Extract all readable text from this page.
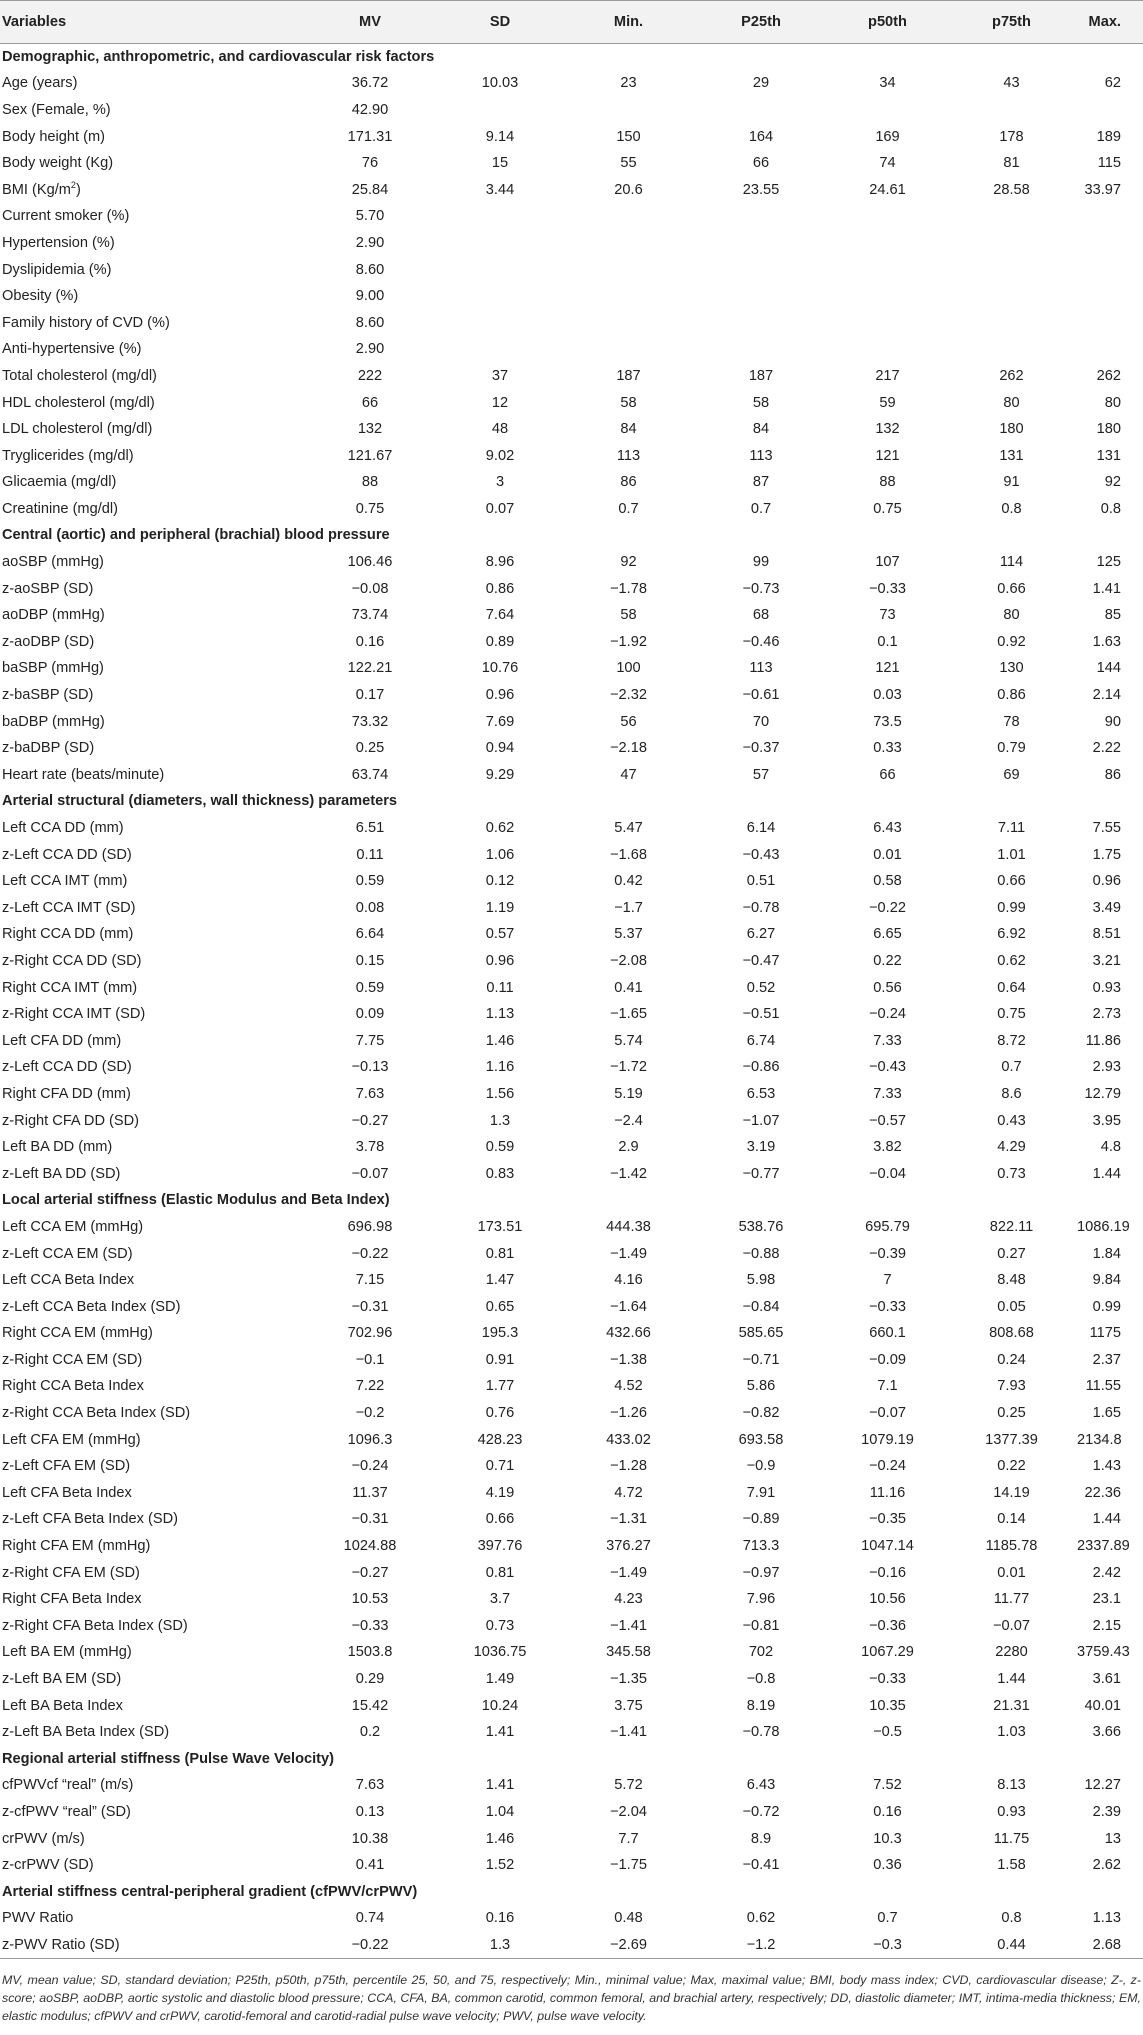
Variables	MV	SD	Min.	P25th	p50th	p75th	Max.
Demographic, anthropometric, and cardiovascular risk factors							
Age (years)	36.72	10.03	23	29	34	43	62
Sex (Female, %)	42.90						
Body height (m)	171.31	9.14	150	164	169	178	189
Body weight (Kg)	76	15	55	66	74	81	115
BMI $(Kg/m^2)$	25.84	3.44	20.6	23.55	24.61	28.58	33.97
Current smoker (%)	5.70						
Hypertension (%)	2.90						
Dyslipidemia (%)	8.60						
Obesity (%)	9.00						
Family history of CVD (%)	8.60						
Anti-hypertensive (%)	2.90						
Total cholesterol (mg/dl)	222	37	187	187	217	262	262
HDL cholesterol (mg/dl)	66	12	58	58	59	80	80
LDL cholesterol (mg/dl)	132	48	84	84	132	180	180
Tryglicerides (mg/dl)	121.67	9.02	113	113	121	131	131
Glicaemia (mg/dl)	88	3	86	87	88	91	92
Creatinine (mg/dl)	0.75	0.07	0.7	0.7	0.75	0.8	0.8
Central (aortic) and peripheral (brachial) blood pressure							
aoSBP (mmHg)	106.46	8.96	92	99	107	114	125
z-aoSBP (SD)	−0.08	0.86	−1.78	−0.73	−0.33	0.66	1.41
aoDBP (mmHg)	73.74	7.64	58	68	73	80	85
z-aoDBP (SD)	0.16	0.89	−1.92	−0.46	0.1	0.92	1.63
baSBP (mmHg)	122.21	10.76	100	113	121	130	144
z-baSBP (SD)	0.17	0.96	−2.32	−0.61	0.03	0.86	2.14
baDBP (mmHg)	73.32	7.69	56	70	73.5	78	90
z-baDBP (SD)	0.25	0.94	−2.18	−0.37	0.33	0.79	2.22
Heart rate (beats/minute)	63.74	9.29	47	57	66	69	86
Arterial structural (diameters, wall thickness) parameters							
Left CCA DD (mm)	6.51	0.62	5.47	6.14	6.43	7.11	7.55
z-Left CCA DD (SD)	0.11	1.06	−1.68	−0.43	0.01	1.01	1.75
Left CCA IMT (mm)	0.59	0.12	0.42	0.51	0.58	0.66	0.96
z-Left CCA IMT (SD)	0.08	1.19	−1.7	−0.78	−0.22	0.99	3.49
Right CCA DD (mm)	6.64	0.57	5.37	6.27	6.65	6.92	8.51
z-Right CCA DD (SD)	0.15	0.96	−2.08	−0.47	0.22	0.62	3.21
Right CCA IMT (mm)	0.59	0.11	0.41	0.52	0.56	0.64	0.93
z-Right CCA IMT (SD)	0.09	1.13	−1.65	−0.51	−0.24	0.75	2.73
Left CFA DD (mm)	7.75	1.46	5.74	6.74	7.33	8.72	11.86
z-Left CCA DD (SD)	−0.13	1.16	−1.72	−0.86	−0.43	0.7	2.93
Right CFA DD (mm)	7.63	1.56	5.19	6.53	7.33	8.6	12.79
z-Right CFA DD (SD)	−0.27	1.3	−2.4	−1.07	−0.57	0.43	3.95
Left BA DD (mm)	3.78	0.59	2.9	3.19	3.82	4.29	4.8
z-Left BA DD (SD)	−0.07	0.83	−1.42	−0.77	−0.04	0.73	1.44
Local arterial stiffness (Elastic Modulus and Beta Index)							
Left CCA EM (mmHg)	696.98	173.51	444.38	538.76	695.79	822.11	1086.19
z-Left CCA EM (SD)	−0.22	0.81	−1.49	−0.88	−0.39	0.27	1.84
Left CCA Beta Index	7.15	1.47	4.16	5.98	7	8.48	9.84
z-Left CCA Beta Index (SD)	−0.31	0.65	−1.64	−0.84	−0.33	0.05	0.99
Right CCA EM (mmHg)	702.96	195.3	432.66	585.65	660.1	808.68	1175
z-Right CCA EM (SD)	−0.1	0.91	−1.38	−0.71	−0.09	0.24	2.37
Right CCA Beta Index	7.22	1.77	4.52	5.86	7.1	7.93	11.55
z-Right CCA Beta Index (SD)	−0.2	0.76	−1.26	−0.82	−0.07	0.25	1.65
Left CFA EM (mmHg)	1096.3	428.23	433.02	693.58	1079.19	1377.39	2134.8
z-Left CFA EM (SD)	−0.24	0.71	−1.28	−0.9	−0.24	0.22	1.43
Left CFA Beta Index	11.37	4.19	4.72	7.91	11.16	14.19	22.36
z-Left CFA Beta Index (SD)	−0.31	0.66	−1.31	−0.89	−0.35	0.14	1.44
Right CFA EM (mmHg)	1024.88	397.76	376.27	713.3	1047.14	1185.78	2337.89
z-Right CFA EM (SD)	−0.27	0.81	−1.49	−0.97	−0.16	0.01	2.42
Right CFA Beta Index	10.53	3.7	4.23	7.96	10.56	11.77	23.1
z-Right CFA Beta Index (SD)	−0.33	0.73	−1.41	−0.81	−0.36	−0.07	2.15
Left BA EM (mmHg)	1503.8	1036.75	345.58	702	1067.29	2280	3759.43
z-Left BA EM (SD)	0.29	1.49	−1.35	−0.8	−0.33	1.44	3.61
Left BA Beta Index	15.42	10.24	3.75	8.19	10.35	21.31	40.01
z-Left BA Beta Index (SD)	0.2	1.41	−1.41	−0.78	−0.5	1.03	3.66
Regional arterial stiffness (Pulse Wave Velocity)							
cfPWVcf “real” (m/s)	7.63	1.41	5.72	6.43	7.52	8.13	12.27
z-cfPWV “real” (SD)	0.13	1.04	−2.04	−0.72	0.16	0.93	2.39
crPWV (m/s)	10.38	1.46	7.7	8.9	10.3	11.75	13
z-crPWV (SD)	0.41	1.52	−1.75	−0.41	0.36	1.58	2.62
Arterial stiffness central-peripheral gradient (cfPWV/crPWV)							
PWV Ratio	0.74	0.16	0.48	0.62	0.7	0.8	1.13
z-PWV Ratio (SD)	−0.22	1.3	−2.69	−1.2	−0.3	0.44	2.68
MV, mean value; SD, standard deviation; P25th, p50th, p75th, percentile 25, 50, and 75, respectively; Min., minimal value; Max, maximal value; BMI, body mass index; CVD, cardiovascular disease; Z-, z-score; aoSBP, aoDBP, aortic systolic and diastolic blood pressure; CCA, CFA, BA, common carotid, common femoral, and brachial artery, respectively; DD, diastolic diameter; IMT, intima-media thickness; EM, elastic modulus; cfPWV and crPWV, carotid-femoral and carotid-radial pulse wave velocity; PWV, pulse wave velocity.
